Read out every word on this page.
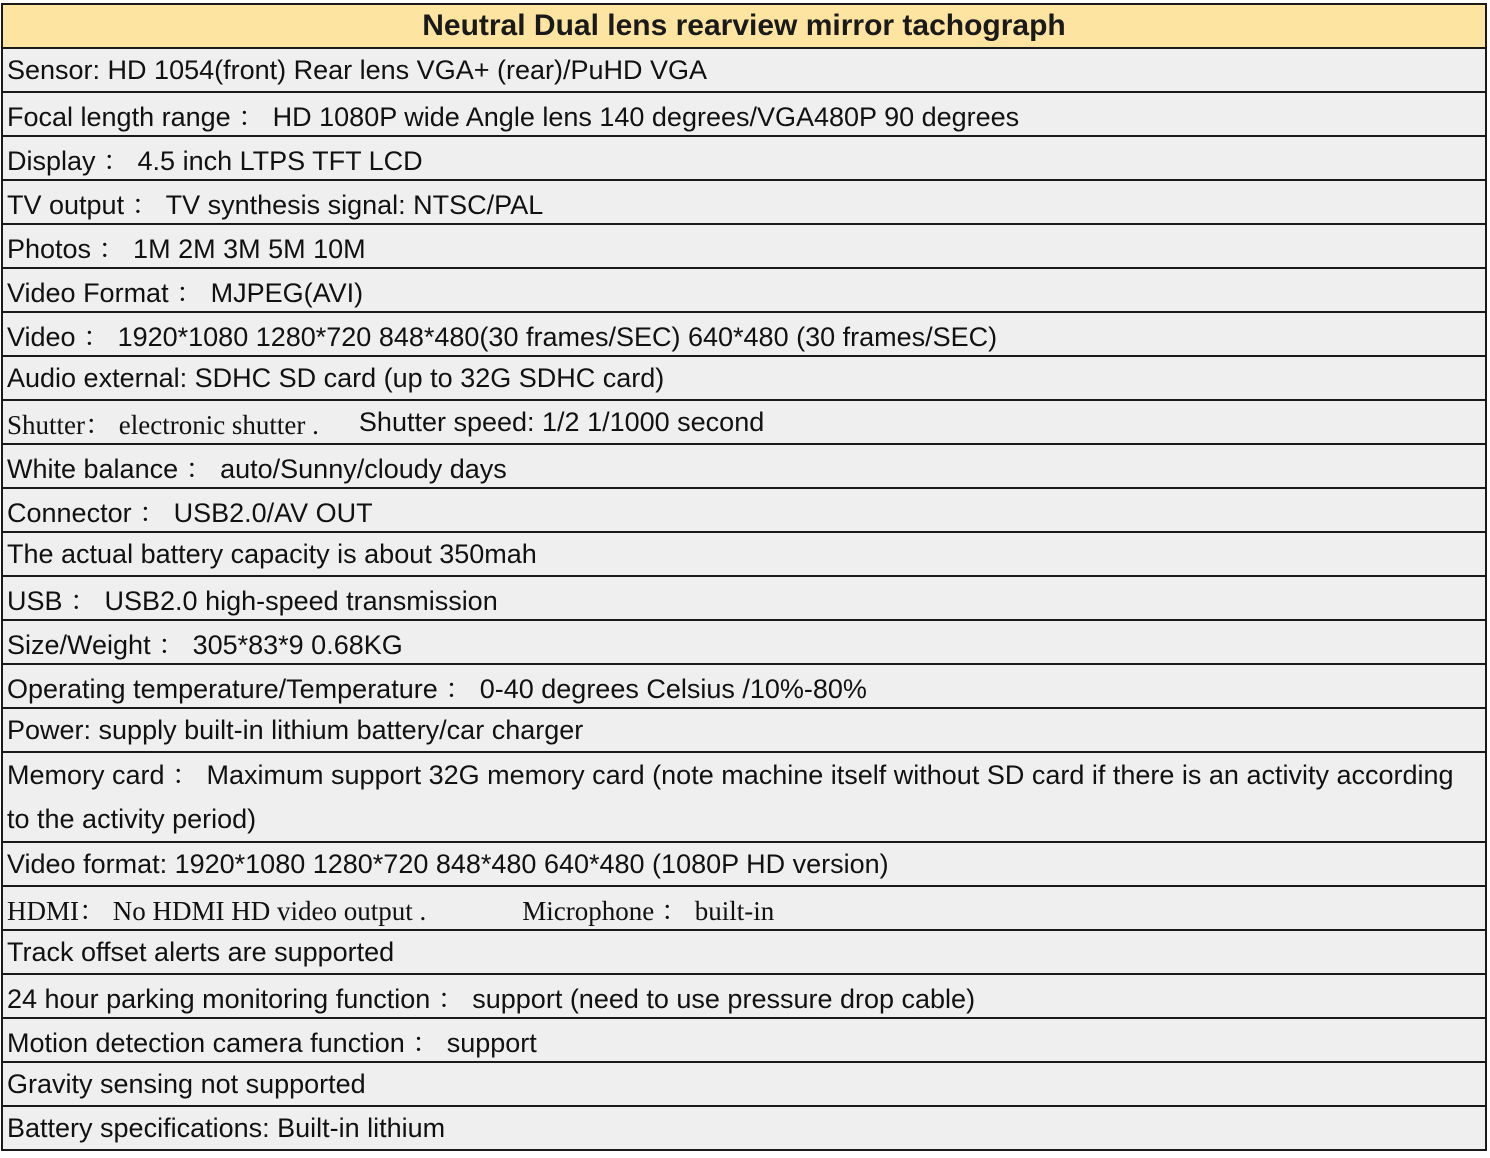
Neutral Dual lens rearview mirror tachograph
Sensor: HD 1054(front) Rear lens VGA+ (rear)/PuHD VGA
Focal length range ： HD 1080P wide Angle lens 140 degrees/VGA480P 90 degrees
Display ： 4.5 inch LTPS TFT LCD
TV output ： TV synthesis signal: NTSC/PAL
Photos ： 1M 2M 3M 5M 10M
Video Format ： MJPEG(AVI)
Video ： 1920*1080 1280*720 848*480(30 frames/SEC) 640*480 (30 frames/SEC)
Audio external: SDHC SD card (up to 32G SDHC card)
Shutter： electronic shutter . Shutter speed: 1/2 1/1000 second
White balance ： auto/Sunny/cloudy days
Connector ： USB2.0/AV OUT
The actual battery capacity is about 350mah
USB ： USB2.0 high-speed transmission
Size/Weight ： 305*83*9 0.68KG
Operating temperature/Temperature ： 0-40 degrees Celsius /10%-80%
Power: supply built-in lithium battery/car charger
Memory card ： Maximum support 32G memory card (note machine itself without SD card if there is an activity according to the activity period)
Video format: 1920*1080 1280*720 848*480 640*480 (1080P HD version)
HDMI： No HDMI HD video output .	Microphone ： built-in
Track offset alerts are supported
24 hour parking monitoring function ： support (need to use pressure drop cable)
Motion detection camera function ： support
Gravity sensing not supported
Battery specifications: Built-in lithium
